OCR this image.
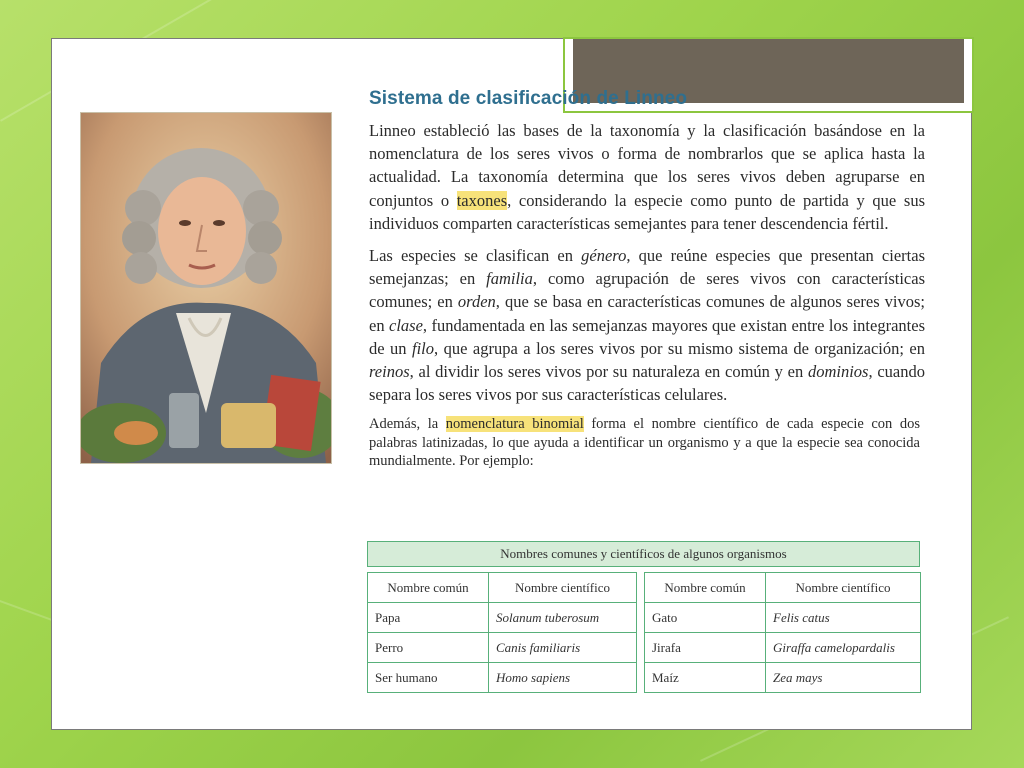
Sistema de clasificación de Linneo

Linneo estableció las bases de la taxonomía y la clasificación basándose en la nomenclatura de los seres vivos o forma de nombrarlos que se aplica hasta la actualidad. La taxonomía determina que los seres vivos deben agruparse en conjuntos o taxones, considerando la especie como punto de partida y que sus individuos comparten características semejantes para tener descendencia fértil.

Las especies se clasifican en género, que reúne especies que presentan ciertas semejanzas; en familia, como agrupación de seres vivos con características comunes; en orden, que se basa en características comunes de algunos seres vivos; en clase, fundamentada en las semejanzas mayores que existan entre los integrantes de un filo, que agrupa a los seres vivos por su mismo sistema de organización; en reinos, al dividir los seres vivos por su naturaleza en común y en dominios, cuando separa los seres vivos por sus características celulares.

Además, la nomenclatura binomial forma el nombre científico de cada especie con dos palabras latinizadas, lo que ayuda a identificar un organismo y a que la especie sea conocida mundialmente. Por ejemplo:

Nombres comunes y científicos de algunos organismos
Nombre común	Nombre científico
Papa	Solanum tuberosum
Perro	Canis familiaris
Ser humano	Homo sapiens
Nombre común	Nombre científico
Gato	Felis catus
Jirafa	Giraffa camelopardalis
Maíz	Zea mays
